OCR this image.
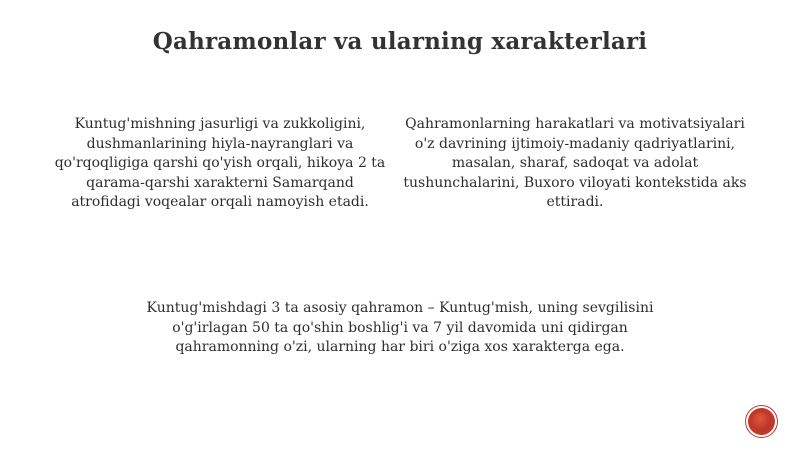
Qahramonlar va ularning xarakterlari
Kuntug'mishning jasurligi va zukkoligini, dushmanlarining hiyla-nayranglari va qo'rqoqligiga qarshi qo'yish orqali, hikoya 2 ta qarama-qarshi xarakterni Samarqand atrofidagi voqealar orqali namoyish etadi.
Qahramonlarning harakatlari va motivatsiyalari o'z davrining ijtimoiy-madaniy qadriyatlarini, masalan, sharaf, sadoqat va adolat tushunchalarini, Buxoro viloyati kontekstida aks ettiradi.
Kuntug'mishdagi 3 ta asosiy qahramon – Kuntug'mish, uning sevgilisini o'g'irlagan 50 ta qo'shin boshlig'i va 7 yil davomida uni qidirgan qahramonning o'zi, ularning har biri o'ziga xos xarakterga ega.
